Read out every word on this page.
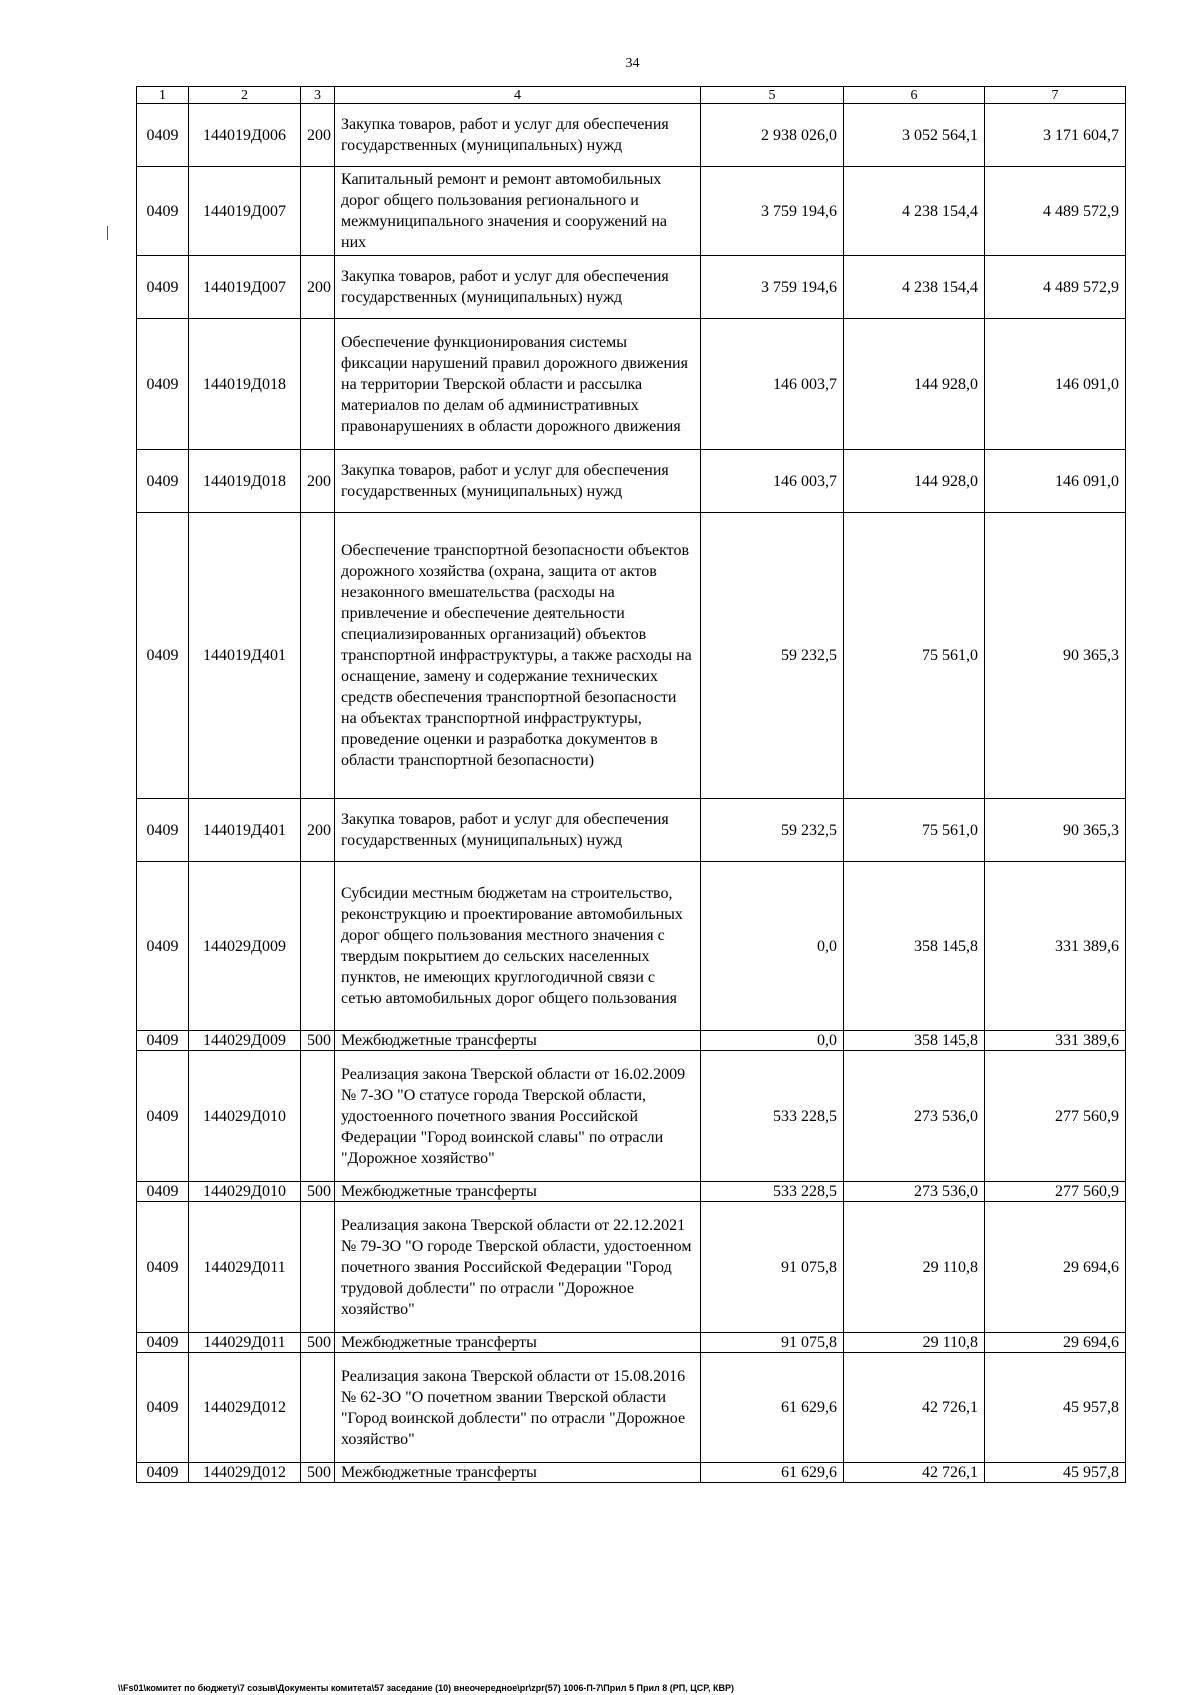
34
1	2	3	4	5	6	7
0409	144019Д006	200	Закупка товаров, работ и услуг для обеспечения государственных (муниципальных) нужд	2 938 026,0	3 052 564,1	3 171 604,7
0409	144019Д007		Капитальный ремонт и ремонт автомобильных дорог общего пользования регионального и межмуниципального значения и сооружений на них	3 759 194,6	4 238 154,4	4 489 572,9
0409	144019Д007	200	Закупка товаров, работ и услуг для обеспечения государственных (муниципальных) нужд	3 759 194,6	4 238 154,4	4 489 572,9
0409	144019Д018		Обеспечение функционирования системы фиксации нарушений правил дорожного движения на территории Тверской области и рассылка материалов по делам об административных правонарушениях в области дорожного движения	146 003,7	144 928,0	146 091,0
0409	144019Д018	200	Закупка товаров, работ и услуг для обеспечения государственных (муниципальных) нужд	146 003,7	144 928,0	146 091,0
0409	144019Д401		Обеспечение транспортной безопасности объектов дорожного хозяйства (охрана, защита от актов незаконного вмешательства (расходы на привлечение и обеспечение деятельности специализированных организаций) объектов транспортной инфраструктуры, а также расходы на оснащение, замену и содержание технических средств обеспечения транспортной безопасности на объектах транспортной инфраструктуры, проведение оценки и разработка документов в области транспортной безопасности)	59 232,5	75 561,0	90 365,3
0409	144019Д401	200	Закупка товаров, работ и услуг для обеспечения государственных (муниципальных) нужд	59 232,5	75 561,0	90 365,3
0409	144029Д009		Субсидии местным бюджетам на строительство, реконструкцию и проектирование автомобильных дорог общего пользования местного значения с твердым покрытием до сельских населенных пунктов, не имеющих круглогодичной связи с сетью автомобильных дорог общего пользования	0,0	358 145,8	331 389,6
0409	144029Д009	500	Межбюджетные трансферты	0,0	358 145,8	331 389,6
0409	144029Д010		Реализация закона Тверской области от 16.02.2009 № 7-ЗО "О статусе города Тверской области, удостоенного почетного звания Российской Федерации "Город воинской славы" по отрасли "Дорожное хозяйство"	533 228,5	273 536,0	277 560,9
0409	144029Д010	500	Межбюджетные трансферты	533 228,5	273 536,0	277 560,9
0409	144029Д011		Реализация закона Тверской области от 22.12.2021 № 79-ЗО "О городе Тверской области, удостоенном почетного звания Российской Федерации "Город трудовой доблести" по отрасли "Дорожное хозяйство"	91 075,8	29 110,8	29 694,6
0409	144029Д011	500	Межбюджетные трансферты	91 075,8	29 110,8	29 694,6
0409	144029Д012		Реализация закона Тверской области от 15.08.2016 № 62-ЗО "О почетном звании Тверской области "Город воинской доблести" по отрасли "Дорожное хозяйство"	61 629,6	42 726,1	45 957,8
0409	144029Д012	500	Межбюджетные трансферты	61 629,6	42 726,1	45 957,8
\\Fs01\комитет по бюджету\7 созыв\Документы комитета\57 заседание (10) внеочередное\pr\zpr(57) 1006-П-7\Прил 5 Прил 8 (РП, ЦСР, КВР)
